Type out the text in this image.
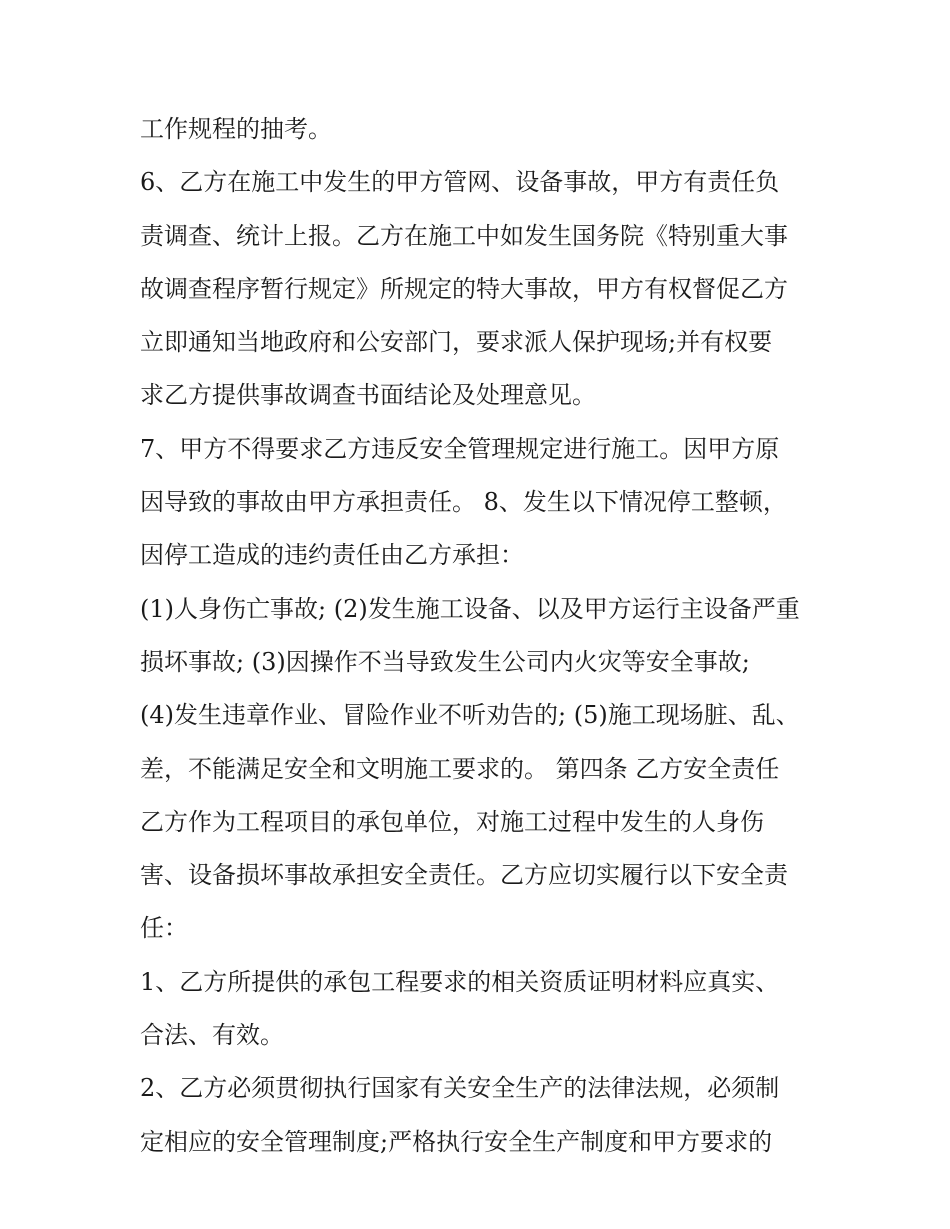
工作规程的抽考。
6、乙方在施工中发生的甲方管网、设备事故，甲方有责任负
责调查、统计上报。乙方在施工中如发生国务院《特别重大事
故调查程序暂行规定》所规定的特大事故，甲方有权督促乙方
立即通知当地政府和公安部门，要求派人保护现场;并有权要
求乙方提供事故调查书面结论及处理意见。
7、甲方不得要求乙方违反安全管理规定进行施工。因甲方原
因导致的事故由甲方承担责任。 8、发生以下情况停工整顿，
因停工造成的违约责任由乙方承担：
(1)人身伤亡事故; (2)发生施工设备、以及甲方运行主设备严重
损坏事故; (3)因操作不当导致发生公司内火灾等安全事故;
(4)发生违章作业、冒险作业不听劝告的; (5)施工现场脏、乱、
差，不能满足安全和文明施工要求的。 第四条 乙方安全责任
乙方作为工程项目的承包单位，对施工过程中发生的人身伤
害、设备损坏事故承担安全责任。乙方应切实履行以下安全责
任：
1、乙方所提供的承包工程要求的相关资质证明材料应真实、
合法、有效。
2、乙方必须贯彻执行国家有关安全生产的法律法规，必须制
定相应的安全管理制度;严格执行安全生产制度和甲方要求的
